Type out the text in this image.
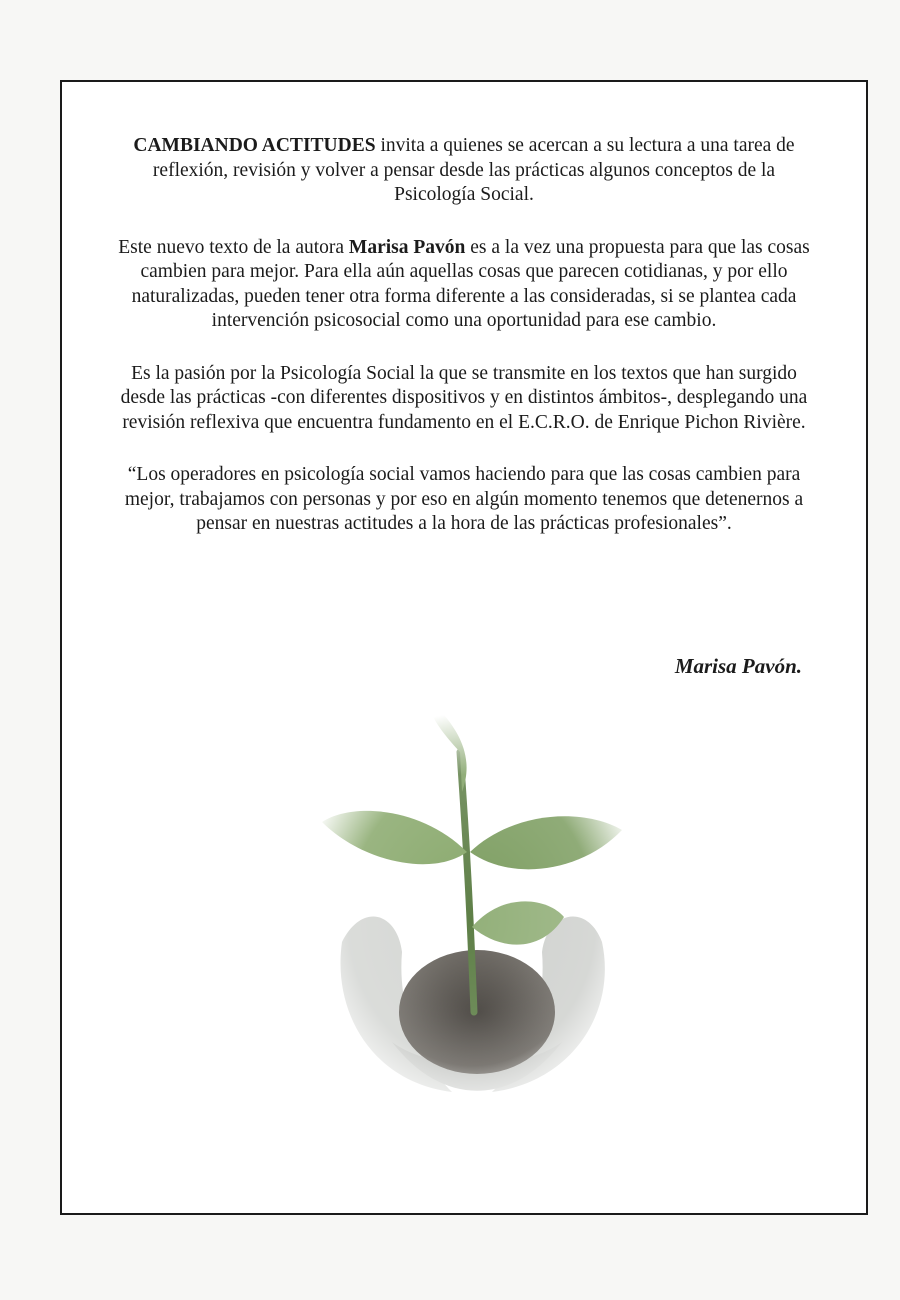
CAMBIANDO ACTITUDES invita a quienes se acercan a su lectura a una tarea de reflexión, revisión y volver a pensar desde las prácticas algunos conceptos de la Psicología Social.

Este nuevo texto de la autora Marisa Pavón es a la vez una propuesta para que las cosas cambien para mejor. Para ella aún aquellas cosas que parecen cotidianas, y por ello naturalizadas, pueden tener otra forma diferente a las consideradas, si se plantea cada intervención psicosocial como una oportunidad para ese cambio.

Es la pasión por la Psicología Social la que se transmite en los textos que han surgido desde las prácticas -con diferentes dispositivos y en distintos ámbitos-, desplegando una revisión reflexiva que encuentra fundamento en el E.C.R.O. de Enrique Pichon Rivière.

“Los operadores en psicología social vamos haciendo para que las cosas cambien para mejor, trabajamos con personas y por eso en algún momento tenemos que detenernos a pensar en nuestras actitudes a la hora de las prácticas profesionales”.

Marisa Pavón.
